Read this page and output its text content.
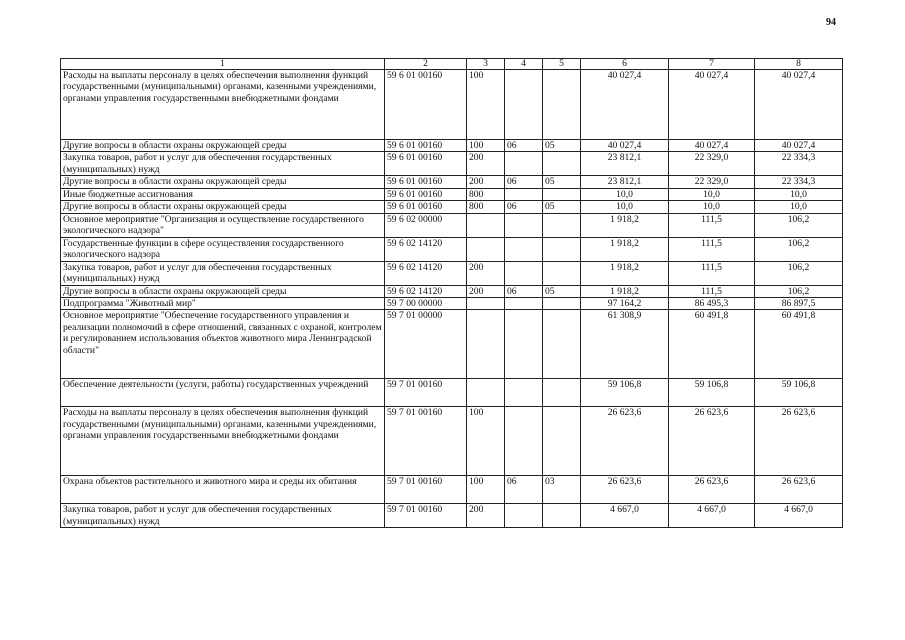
94
1	2	3	4	5	6	7	8
Расходы на выплаты персоналу в целях обеспечения выполнения функций государственными (муниципальными) органами, казенными учреждениями, органами управления государственными внебюджетными фондами	59 6 01 00160	100			40 027,4	40 027,4	40 027,4
Другие вопросы в области охраны окружающей среды	59 6 01 00160	100	06	05	40 027,4	40 027,4	40 027,4
Закупка товаров, работ и услуг для обеспечения государственных (муниципальных) нужд	59 6 01 00160	200			23 812,1	22 329,0	22 334,3
Другие вопросы в области охраны окружающей среды	59 6 01 00160	200	06	05	23 812,1	22 329,0	22 334,3
Иные бюджетные ассигнования	59 6 01 00160	800			10,0	10,0	10,0
Другие вопросы в области охраны окружающей среды	59 6 01 00160	800	06	05	10,0	10,0	10,0
Основное мероприятие "Организация и осуществление государственного экологического надзора"	59 6 02 00000				1 918,2	111,5	106,2
Государственные функции в сфере осуществления государственного экологического надзора	59 6 02 14120				1 918,2	111,5	106,2
Закупка товаров, работ и услуг для обеспечения государственных (муниципальных) нужд	59 6 02 14120	200			1 918,2	111,5	106,2
Другие вопросы в области охраны окружающей среды	59 6 02 14120	200	06	05	1 918,2	111,5	106,2
Подпрограмма "Животный мир"	59 7 00 00000				97 164,2	86 495,3	86 897,5
Основное мероприятие "Обеспечение государственного управления и реализации полномочий в сфере отношений, связанных с охраной, контролем и регулированием использования объектов животного мира Ленинградской области"	59 7 01 00000				61 308,9	60 491,8	60 491,8
Обеспечение деятельности (услуги, работы) государственных учреждений	59 7 01 00160				59 106,8	59 106,8	59 106,8
Расходы на выплаты персоналу в целях обеспечения выполнения функций государственными (муниципальными) органами, казенными учреждениями, органами управления государственными внебюджетными фондами	59 7 01 00160	100			26 623,6	26 623,6	26 623,6
Охрана объектов растительного и животного мира и среды их обитания	59 7 01 00160	100	06	03	26 623,6	26 623,6	26 623,6
Закупка товаров, работ и услуг для обеспечения государственных (муниципальных) нужд	59 7 01 00160	200			4 667,0	4 667,0	4 667,0
